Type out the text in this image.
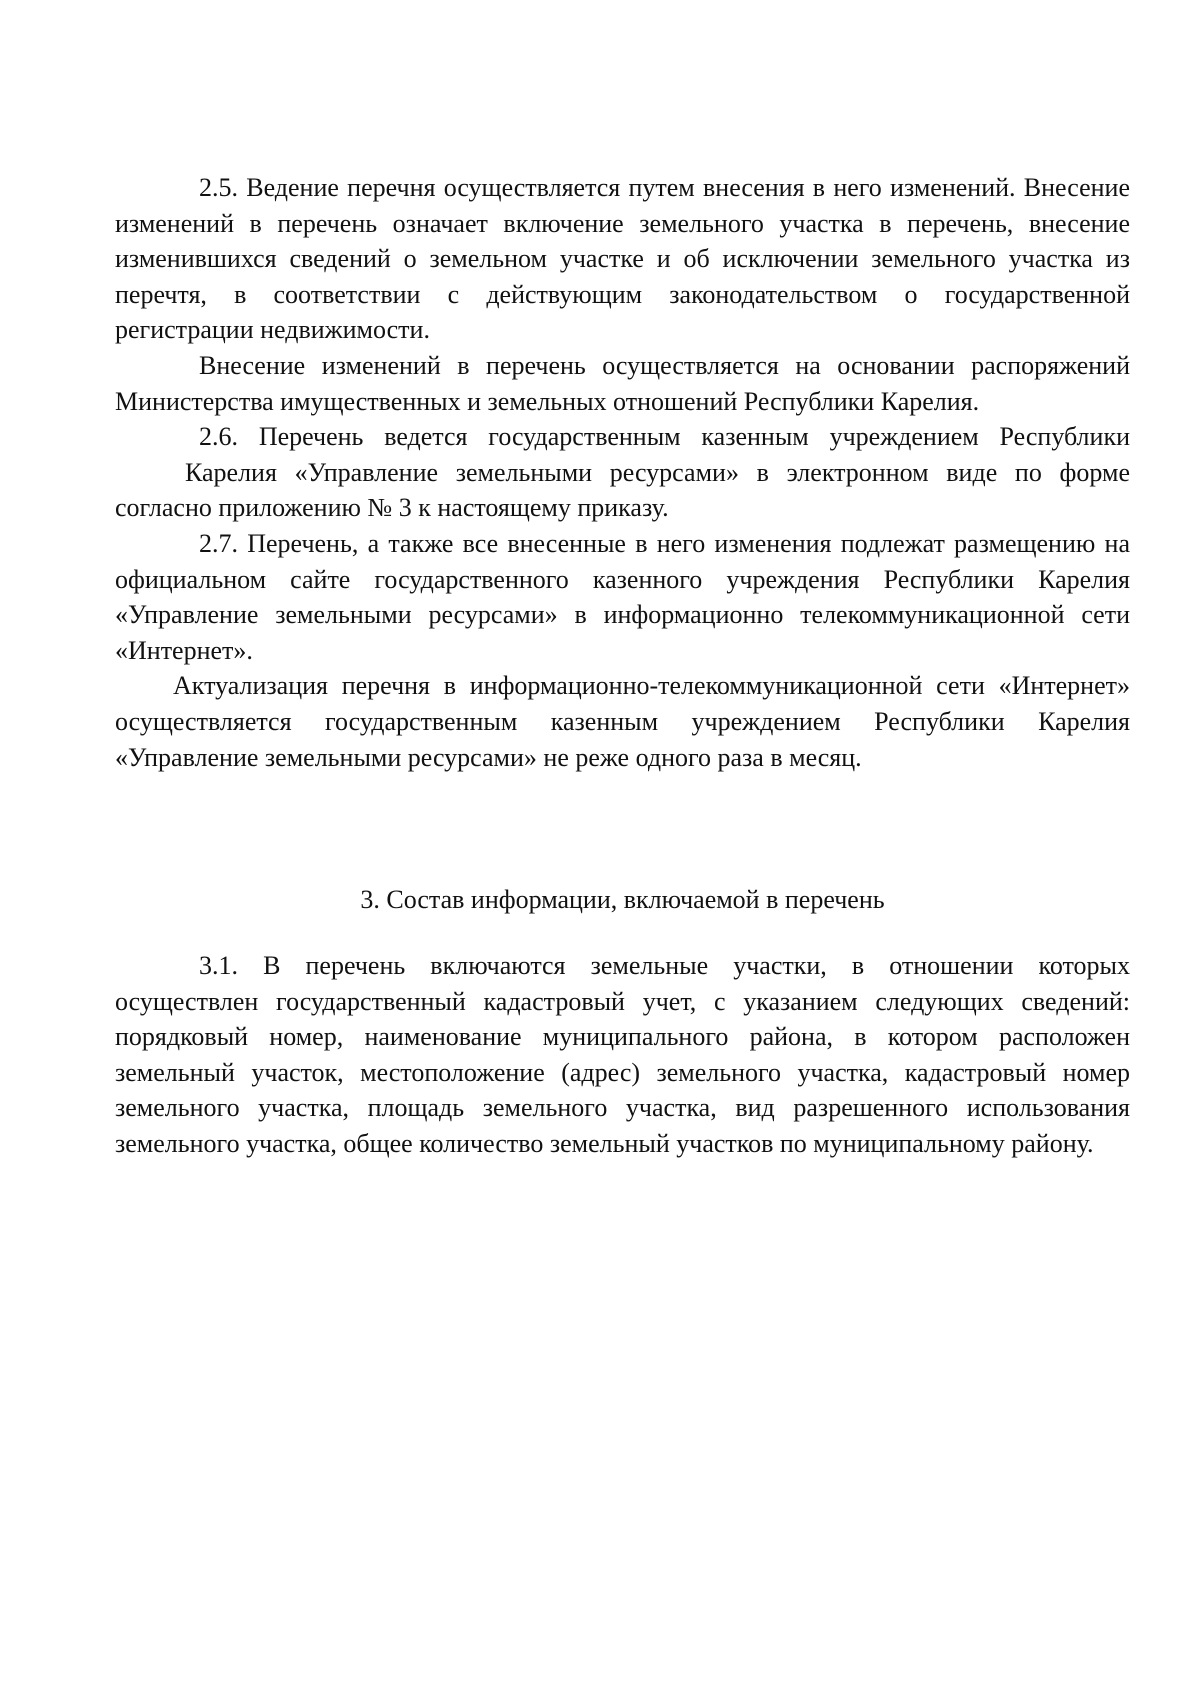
2.5. Ведение перечня осуществляется путем внесения в него изменений. Внесение изменений в перечень означает включение земельного участка в перечень, внесение изменившихся сведений о земельном участке и об исключении земельного участка из перечтя, в соответствии с действующим законодательством о государственной регистрации недвижимости.

Внесение изменений в перечень осуществляется на основании распоряжений Министерства имущественных и земельных отношений Республики Карелия.

2.6. Перечень ведется государственным казенным учреждением Республики
Карелия «Управление земельными ресурсами» в электронном виде по форме
согласно приложению № 3 к настоящему приказу.

2.7. Перечень, а также все внесенные в него изменения подлежат размещению на официальном сайте государственного казенного учреждения Республики Карелия «Управление земельными ресурсами» в информационно телекоммуникационной сети «Интернет».

Актуализация перечня в информационно-телекоммуникационной сети «Интернет» осуществляется государственным казенным учреждением Республики Карелия «Управление земельными ресурсами» не реже одного раза в месяц.

3. Состав информации, включаемой в перечень

3.1. В перечень включаются земельные участки, в отношении которых осуществлен государственный кадастровый учет, с указанием следующих сведений: порядковый номер, наименование муниципального района, в котором расположен земельный участок, местоположение (адрес) земельного участка, кадастровый номер земельного участка, площадь земельного участка, вид разрешенного использования земельного участка, общее количество земельный участков по муниципальному району.
